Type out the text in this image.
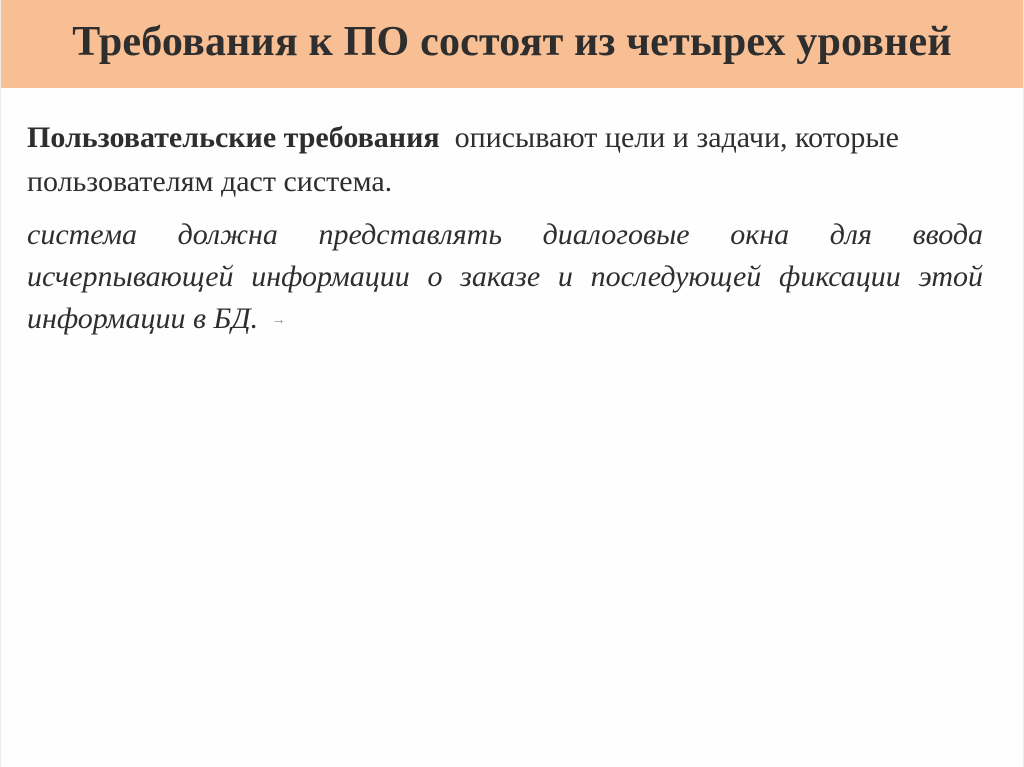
Требования к ПО состоят из четырех уровней

Пользовательские требования описывают цели и задачи, которые пользователям даст система.

система должна представлять диалоговые окна для ввода исчерпывающей информации о заказе и последующей фиксации этой информации в БД. →
